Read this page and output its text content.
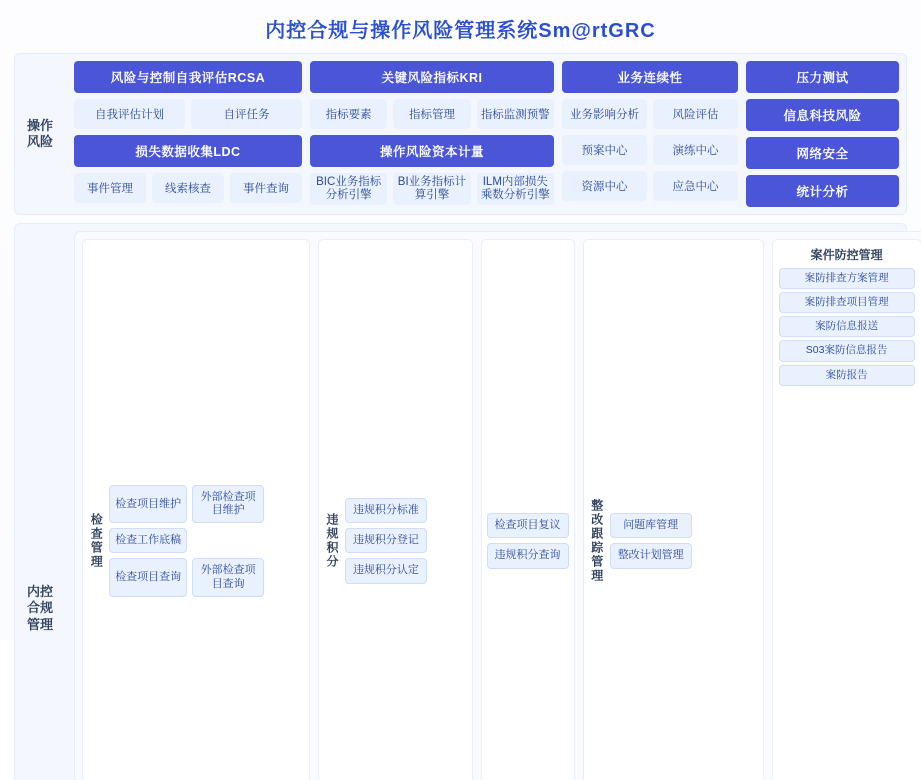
内控合规与操作风险管理系统Sm@rtGRC
操作
风险
风险与控制自我评估RCSA
自我评估计划	自评任务
损失数据收集LDC
事件管理	线索核查	事件查询
关键风险指标KRI
指标要素	指标管理	指标监测预警
操作风险资本计量
BIC业务指标分析引擎
BI业务指标计算引擎
ILM内部损失乘数分析引擎
业务连续性
业务影响分析	风险评估
预案中心	演练中心
资源中心	应急中心
压力测试
信息科技风险
网络安全
统计分析
内控
合规
管理
检查管理
检查项目维护
外部检查项目维护
检查工作底稿
检查项目查询
外部检查项目查询
违规积分
违规积分标准
违规积分登记
违规积分认定
检查项目复议
违规积分查询	整改跟踪管理	问题库管理
整改计划管理
案件防控管理
案防排查方案管理
案防排查项目管理
案防信息报送
S03案防信息报告
案防报告
